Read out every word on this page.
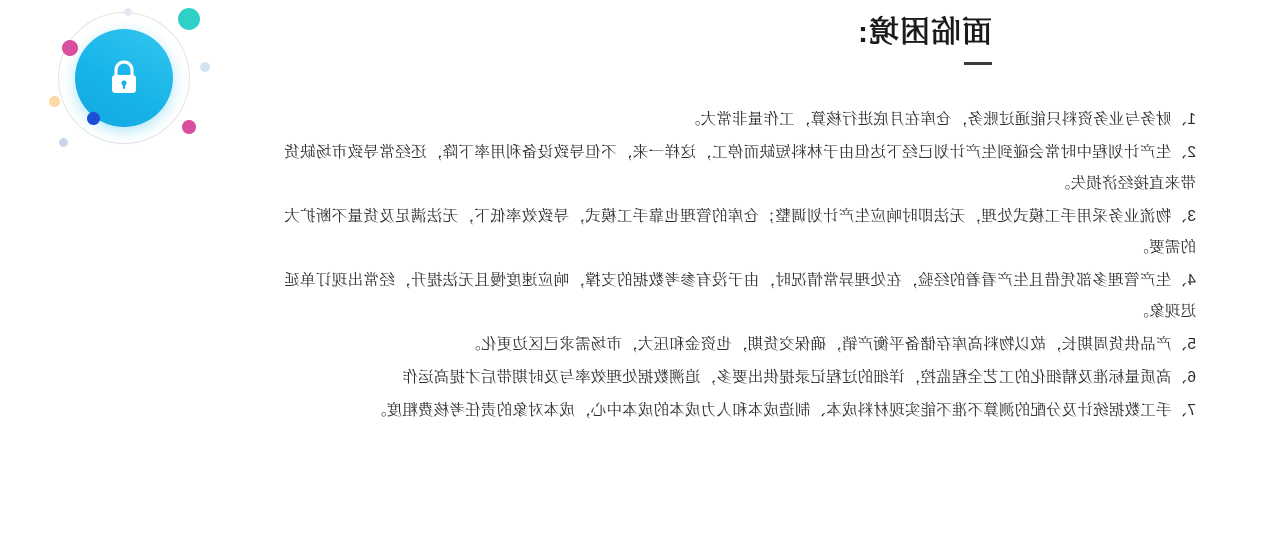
面临困境:

1、财务与业务资料只能通过账务，仓库在月底进行核算，工作量非常大。

2、生产计划程中时常会碰到生产计划已经下达但由于林料短缺而停工，这样一来，不但导致设备利用率下降，还经常导致市场缺货带来直接经济损失。

3、物流业务采用手工模式处理，无法即时响应生产计划调整；仓库的管理也靠手工模式，导致效率低下，无法满足及货量不断扩大的需要。

4、生产管理多部凭借且生产看着的经验，在处理异常情况时，由于没有参考数据的支撑，响应速度慢且无法提升，经常出现订单延迟现象。

5、产品供货周期长，故以物料高库存储备平衡产销，确保交货期，也资金和压大，市场需求已区边更化。

6、高质量标准及精细化的工艺全程监控，详细的过程记录提供出要多，追溯数据处理效率与及时期带后才提高运作

7、手工数据统计及分配的测算不准不能实现材料成本、制造成本和人力成本的成本中心，成本对象的责任考核费粗度。
